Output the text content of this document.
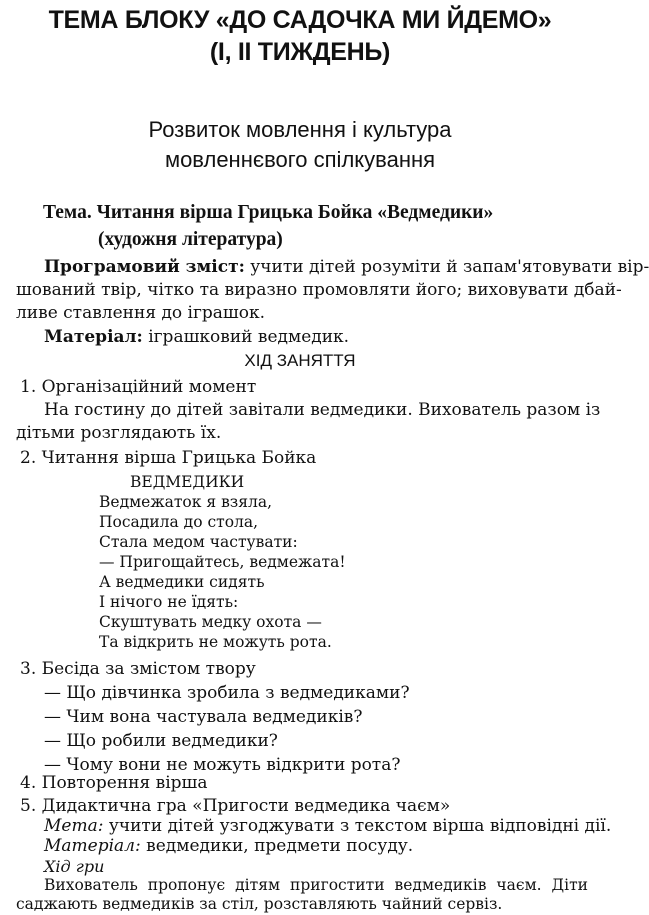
ТЕМА БЛОКУ «ДО САДОЧКА МИ ЙДЕМО»
(І, ІІ ТИЖДЕНЬ)
Розвиток мовлення і культура
мовленнєвого спілкування
Тема. Читання вірша Грицька Бойка «Ведмедики»
(художня література)
Програмовий зміст: учити дітей розуміти й запам'ятовувати вір-
шований твір, чітко та виразно промовляти його; виховувати дбай-
ливе ставлення до іграшок.
Матеріал: іграшковий ведмедик.
ХІД ЗАНЯТТЯ
1. Організаційний момент
На гостину до дітей завітали ведмедики. Вихователь разом із
дітьми розглядають їх.
2. Читання вірша Грицька Бойка
ВЕДМЕДИКИ
Ведмежаток я взяла,
Посадила до стола,
Стала медом частувати:
— Пригощайтесь, ведмежата!
А ведмедики сидять
І нічого не їдять:
Скуштувать медку охота —
Та відкрить не можуть рота.
3. Бесіда за змістом твору
— Що дівчинка зробила з ведмедиками?
— Чим вона частувала ведмедиків?
— Що робили ведмедики?
— Чому вони не можуть відкрити рота?
4. Повторення вірша
5. Дидактична гра «Пригости ведмедика чаєм»
Мета: учити дітей узгоджувати з текстом вірша відповідні дії.
Матеріал: ведмедики, предмети посуду.
Хід гри
Вихователь пропонує дітям пригостити ведмедиків чаєм. Діти
саджають ведмедиків за стіл, розставляють чайний сервіз.
